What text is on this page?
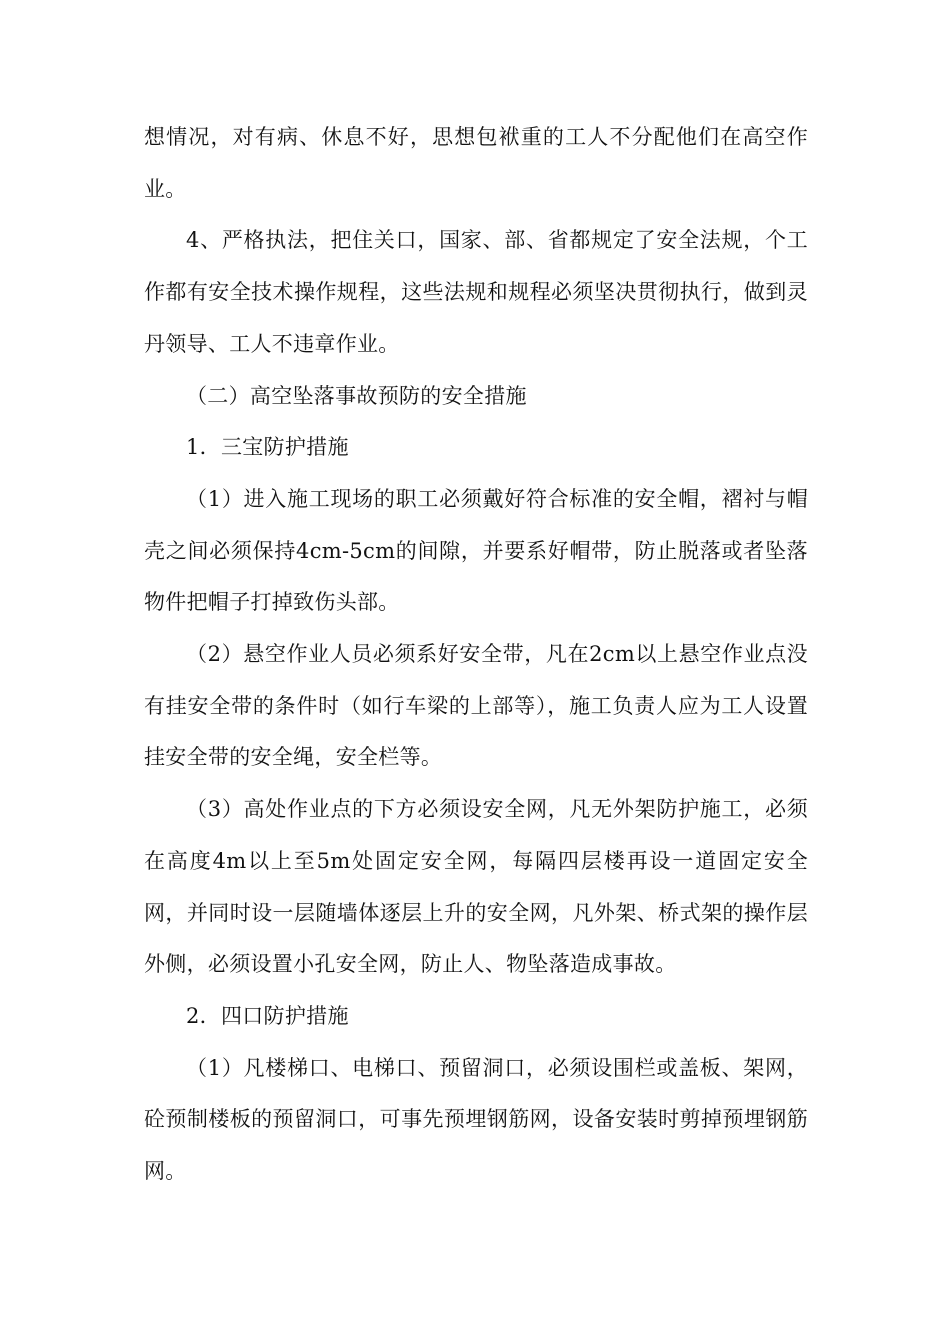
想情况，对有病、休息不好，思想包袱重的工人不分配他们在高空作业。

4、严格执法，把住关口，国家、部、省都规定了安全法规，个工作都有安全技术操作规程，这些法规和规程必须坚决贯彻执行，做到灵丹领导、工人不违章作业。

（二）高空坠落事故预防的安全措施

1．三宝防护措施

（1）进入施工现场的职工必须戴好符合标准的安全帽，褶衬与帽壳之间必须保持4cm-5cm的间隙，并要系好帽带，防止脱落或者坠落物件把帽子打掉致伤头部。

（2）悬空作业人员必须系好安全带，凡在2cm以上悬空作业点没有挂安全带的条件时（如行车梁的上部等），施工负责人应为工人设置挂安全带的安全绳，安全栏等。

（3）高处作业点的下方必须设安全网，凡无外架防护施工，必须在高度4m以上至5m处固定安全网，每隔四层楼再设一道固定安全网，并同时设一层随墙体逐层上升的安全网，凡外架、桥式架的操作层外侧，必须设置小孔安全网，防止人、物坠落造成事故。

2．四口防护措施

（1）凡楼梯口、电梯口、预留洞口，必须设围栏或盖板、架网，砼预制楼板的预留洞口，可事先预埋钢筋网，设备安装时剪掉预埋钢筋网。
